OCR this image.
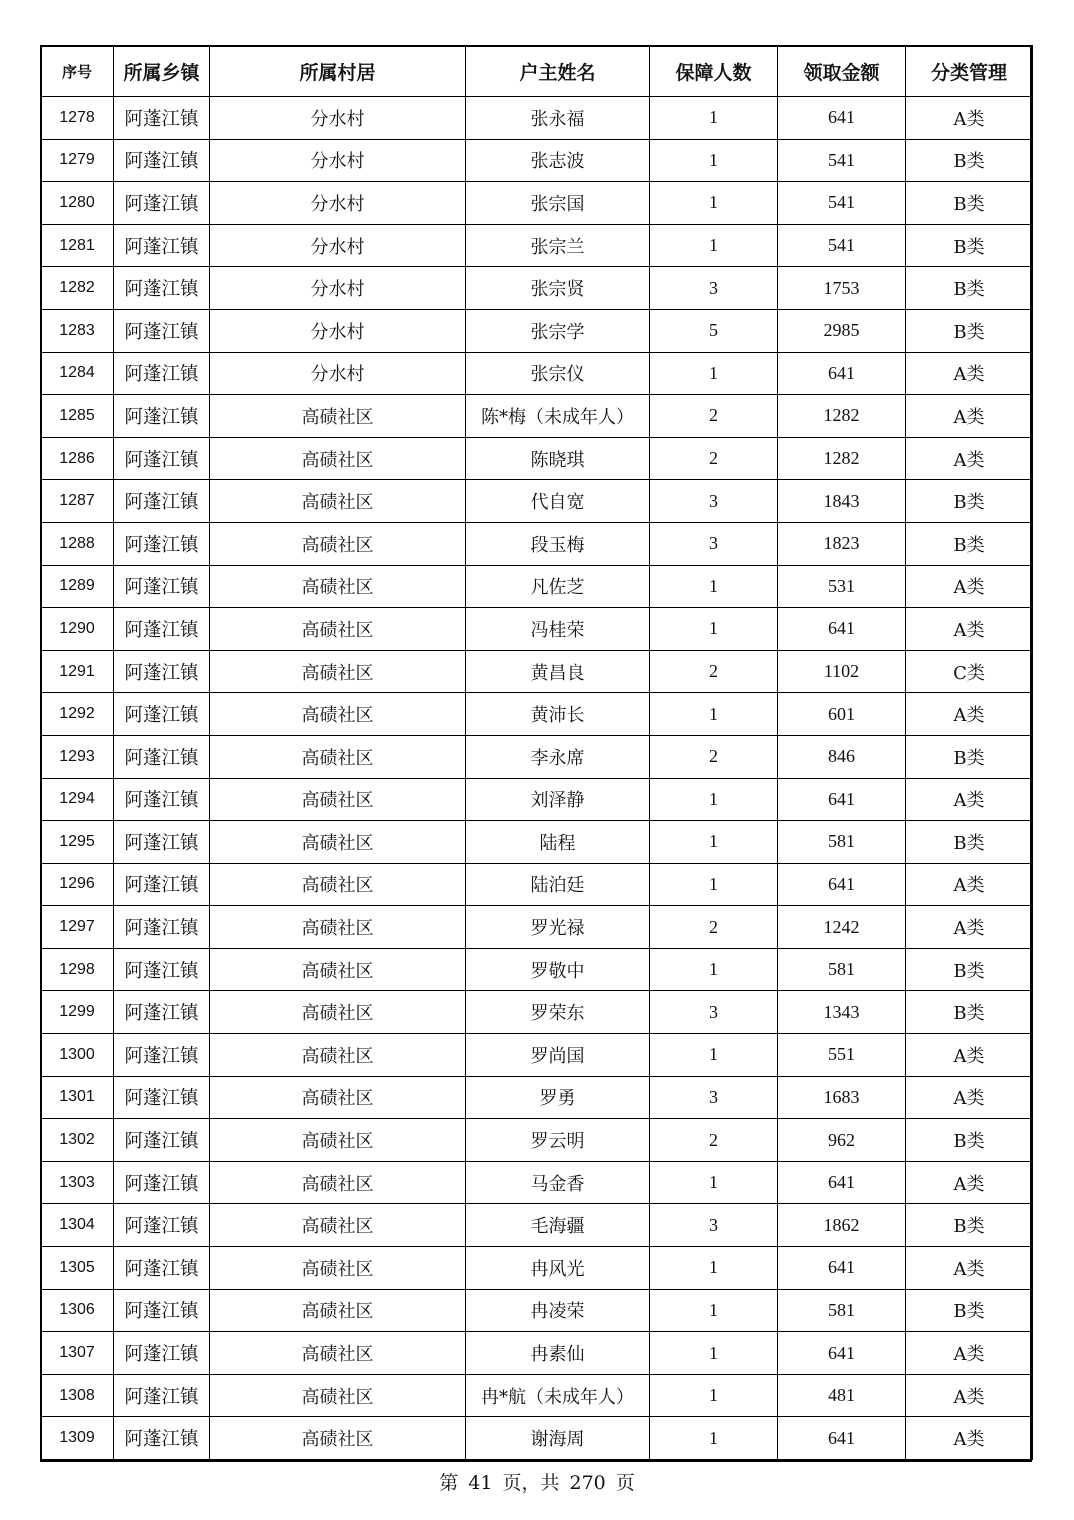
序号	所属乡镇	所属村居	户主姓名	保障人数	领取金额	分类管理
1278	阿蓬江镇	分水村	张永福	1	641	A类
1279	阿蓬江镇	分水村	张志波	1	541	B类
1280	阿蓬江镇	分水村	张宗国	1	541	B类
1281	阿蓬江镇	分水村	张宗兰	1	541	B类
1282	阿蓬江镇	分水村	张宗贤	3	1753	B类
1283	阿蓬江镇	分水村	张宗学	5	2985	B类
1284	阿蓬江镇	分水村	张宗仪	1	641	A类
1285	阿蓬江镇	高碛社区	陈*梅（未成年人）	2	1282	A类
1286	阿蓬江镇	高碛社区	陈晓琪	2	1282	A类
1287	阿蓬江镇	高碛社区	代自宽	3	1843	B类
1288	阿蓬江镇	高碛社区	段玉梅	3	1823	B类
1289	阿蓬江镇	高碛社区	凡佐芝	1	531	A类
1290	阿蓬江镇	高碛社区	冯桂荣	1	641	A类
1291	阿蓬江镇	高碛社区	黄昌良	2	1102	C类
1292	阿蓬江镇	高碛社区	黄沛长	1	601	A类
1293	阿蓬江镇	高碛社区	李永席	2	846	B类
1294	阿蓬江镇	高碛社区	刘泽静	1	641	A类
1295	阿蓬江镇	高碛社区	陆程	1	581	B类
1296	阿蓬江镇	高碛社区	陆泊廷	1	641	A类
1297	阿蓬江镇	高碛社区	罗光禄	2	1242	A类
1298	阿蓬江镇	高碛社区	罗敬中	1	581	B类
1299	阿蓬江镇	高碛社区	罗荣东	3	1343	B类
1300	阿蓬江镇	高碛社区	罗尚国	1	551	A类
1301	阿蓬江镇	高碛社区	罗勇	3	1683	A类
1302	阿蓬江镇	高碛社区	罗云明	2	962	B类
1303	阿蓬江镇	高碛社区	马金香	1	641	A类
1304	阿蓬江镇	高碛社区	毛海疆	3	1862	B类
1305	阿蓬江镇	高碛社区	冉风光	1	641	A类
1306	阿蓬江镇	高碛社区	冉凌荣	1	581	B类
1307	阿蓬江镇	高碛社区	冉素仙	1	641	A类
1308	阿蓬江镇	高碛社区	冉*航（未成年人）	1	481	A类
1309	阿蓬江镇	高碛社区	谢海周	1	641	A类
第 41 页，共 270 页
